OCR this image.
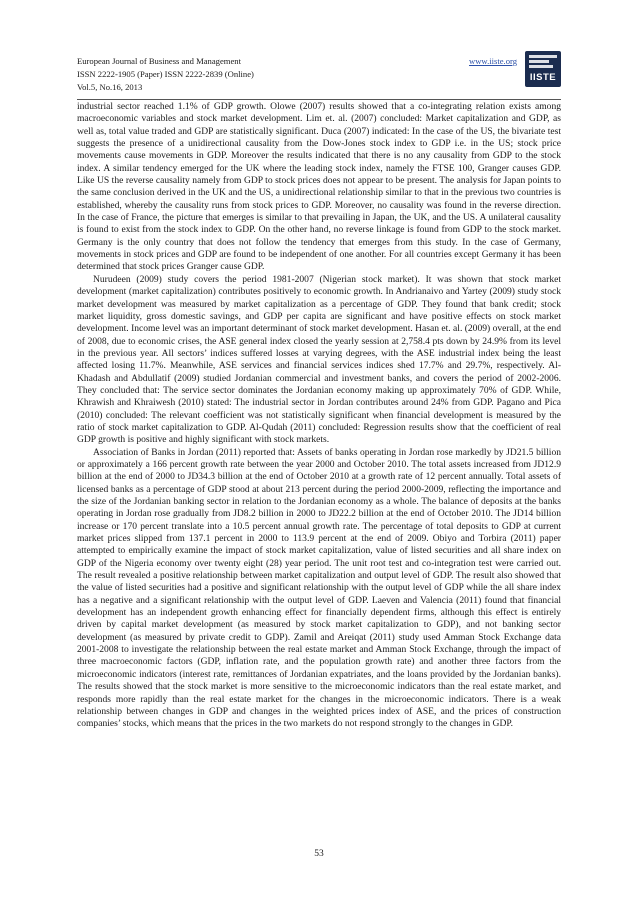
European Journal of Business and Management
ISSN 2222-1905 (Paper) ISSN 2222-2839 (Online)
Vol.5, No.16, 2013
www.iiste.org
IISTE

industrial sector reached 1.1% of GDP growth. Olowe (2007) results showed that a co-integrating relation exists among macroeconomic variables and stock market development. Lim et. al. (2007) concluded: Market capitalization and GDP, as well as, total value traded and GDP are statistically significant. Duca (2007) indicated: In the case of the US, the bivariate test suggests the presence of a unidirectional causality from the Dow-Jones stock index to GDP i.e. in the US; stock price movements cause movements in GDP. Moreover the results indicated that there is no any causality from GDP to the stock index. A similar tendency emerged for the UK where the leading stock index, namely the FTSE 100, Granger causes GDP. Like US the reverse causality namely from GDP to stock prices does not appear to be present. The analysis for Japan points to the same conclusion derived in the UK and the US, a unidirectional relationship similar to that in the previous two countries is established, whereby the causality runs from stock prices to GDP. Moreover, no causality was found in the reverse direction. In the case of France, the picture that emerges is similar to that prevailing in Japan, the UK, and the US. A unilateral causality is found to exist from the stock index to GDP. On the other hand, no reverse linkage is found from GDP to the stock market. Germany is the only country that does not follow the tendency that emerges from this study. In the case of Germany, movements in stock prices and GDP are found to be independent of one another. For all countries except Germany it has been determined that stock prices Granger cause GDP.

Nurudeen (2009) study covers the period 1981-2007 (Nigerian stock market). It was shown that stock market development (market capitalization) contributes positively to economic growth. In Andrianaivo and Yartey (2009) study stock market development was measured by market capitalization as a percentage of GDP. They found that bank credit; stock market liquidity, gross domestic savings, and GDP per capita are significant and have positive effects on stock market development. Income level was an important determinant of stock market development. Hasan et. al. (2009) overall, at the end of 2008, due to economic crises, the ASE general index closed the yearly session at 2,758.4 pts down by 24.9% from its level in the previous year. All sectors’ indices suffered losses at varying degrees, with the ASE industrial index being the least affected losing 11.7%. Meanwhile, ASE services and financial services indices shed 17.7% and 29.7%, respectively. Al-Khadash and Abdullatif (2009) studied Jordanian commercial and investment banks, and covers the period of 2002-2006. They concluded that: The service sector dominates the Jordanian economy making up approximately 70% of GDP. While, Khrawish and Khraiwesh (2010) stated: The industrial sector in Jordan contributes around 24% from GDP. Pagano and Pica (2010) concluded: The relevant coefficient was not statistically significant when financial development is measured by the ratio of stock market capitalization to GDP. Al-Qudah (2011) concluded: Regression results show that the coefficient of real GDP growth is positive and highly significant with stock markets.

Association of Banks in Jordan (2011) reported that: Assets of banks operating in Jordan rose markedly by JD21.5 billion or approximately a 166 percent growth rate between the year 2000 and October 2010. The total assets increased from JD12.9 billion at the end of 2000 to JD34.3 billion at the end of October 2010 at a growth rate of 12 percent annually. Total assets of licensed banks as a percentage of GDP stood at about 213 percent during the period 2000-2009, reflecting the importance and the size of the Jordanian banking sector in relation to the Jordanian economy as a whole. The balance of deposits at the banks operating in Jordan rose gradually from JD8.2 billion in 2000 to JD22.2 billion at the end of October 2010. The JD14 billion increase or 170 percent translate into a 10.5 percent annual growth rate. The percentage of total deposits to GDP at current market prices slipped from 137.1 percent in 2000 to 113.9 percent at the end of 2009. Obiyo and Torbira (2011) paper attempted to empirically examine the impact of stock market capitalization, value of listed securities and all share index on GDP of the Nigeria economy over twenty eight (28) year period. The unit root test and co-integration test were carried out. The result revealed a positive relationship between market capitalization and output level of GDP. The result also showed that the value of listed securities had a positive and significant relationship with the output level of GDP while the all share index has a negative and a significant relationship with the output level of GDP. Laeven and Valencia (2011) found that financial development has an independent growth enhancing effect for financially dependent firms, although this effect is entirely driven by capital market development (as measured by stock market capitalization to GDP), and not banking sector development (as measured by private credit to GDP). Zamil and Areiqat (2011) study used Amman Stock Exchange data 2001-2008 to investigate the relationship between the real estate market and Amman Stock Exchange, through the impact of three macroeconomic factors (GDP, inflation rate, and the population growth rate) and another three factors from the microeconomic indicators (interest rate, remittances of Jordanian expatriates, and the loans provided by the Jordanian banks). The results showed that the stock market is more sensitive to the microeconomic indicators than the real estate market, and responds more rapidly than the real estate market for the changes in the microeconomic indicators. There is a weak relationship between changes in GDP and changes in the weighted prices index of ASE, and the prices of construction companies’ stocks, which means that the prices in the two markets do not respond strongly to the changes in GDP.

53
